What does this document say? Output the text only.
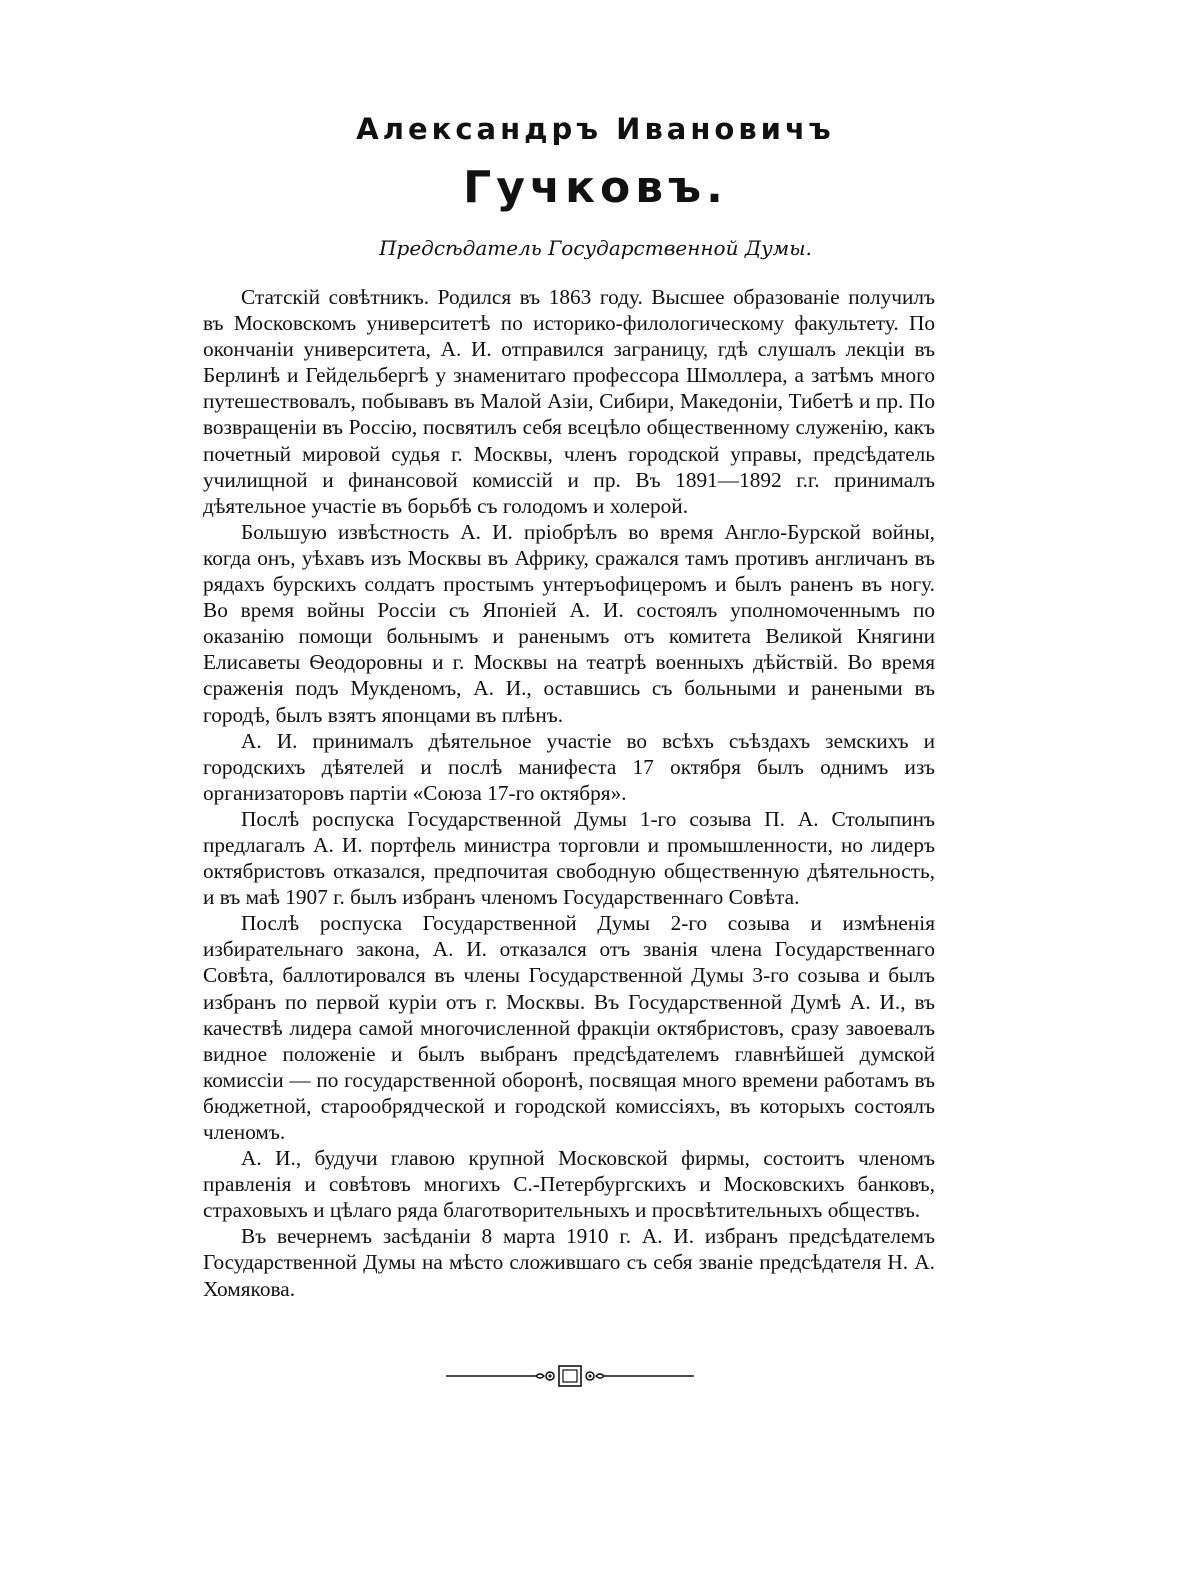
Александръ Ивановичъ
Гучковъ.
Предсѣдатель Государственной Думы.

Статскій совѣтникъ. Родился въ 1863 году. Высшее образованіе получилъ въ Московскомъ университетѣ по историко-филологическому факультету. По окончаніи университета, А. И. отправился заграницу, гдѣ слушалъ лекціи въ Берлинѣ и Гейдельбергѣ у знаменитаго профессора Шмоллера, а затѣмъ много путешествовалъ, побывавъ въ Малой Азіи, Сибири, Македоніи, Тибетѣ и пр. По возвращеніи въ Россію, посвятилъ себя всецѣло общественному служенію, какъ почетный мировой судья г. Москвы, членъ городской управы, предсѣдатель училищной и финансовой комиссій и пр. Въ 1891—1892 г.г. принималъ дѣятельное участіе въ борьбѣ съ голодомъ и холерой.

Большую извѣстность А. И. пріобрѣлъ во время Англо-Бурской войны, когда онъ, уѣхавъ изъ Москвы въ Африку, сражался тамъ противъ англичанъ въ рядахъ бурскихъ солдатъ простымъ унтеръофицеромъ и былъ раненъ въ ногу. Во время войны Россіи съ Японіей А. И. состоялъ уполномоченнымъ по оказанію помощи больнымъ и раненымъ отъ комитета Великой Княгини Елисаветы Ѳеодоровны и г. Москвы на театрѣ военныхъ дѣйствій. Во время сраженія подъ Мукденомъ, А. И., оставшись съ больными и ранеными въ городѣ, былъ взятъ японцами въ плѣнъ.

А. И. принималъ дѣятельное участіе во всѣхъ съѣздахъ земскихъ и городскихъ дѣятелей и послѣ манифеста 17 октября былъ однимъ изъ организаторовъ партіи «Союза 17-го октября».

Послѣ роспуска Государственной Думы 1-го созыва П. А. Столыпинъ предлагалъ А. И. портфель министра торговли и промышленности, но лидеръ октябристовъ отказался, предпочитая свободную общественную дѣятельность, и въ маѣ 1907 г. былъ избранъ членомъ Государственнаго Совѣта.

Послѣ роспуска Государственной Думы 2-го созыва и измѣненія избирательнаго закона, А. И. отказался отъ званія члена Государственнаго Совѣта, баллотировался въ члены Государственной Думы 3-го созыва и былъ избранъ по первой куріи отъ г. Москвы. Въ Государственной Думѣ А. И., въ качествѣ лидера самой многочисленной фракціи октябристовъ, сразу завоевалъ видное положеніе и былъ выбранъ предсѣдателемъ главнѣйшей думской комиссіи — по государственной оборонѣ, посвящая много времени работамъ въ бюджетной, старообрядческой и городской комиссіяхъ, въ которыхъ состоялъ членомъ.

А. И., будучи главою крупной Московской фирмы, состоитъ членомъ правленія и совѣтовъ многихъ С.-Петербургскихъ и Московскихъ банковъ, страховыхъ и цѣлаго ряда благотворительныхъ и просвѣтительныхъ обществъ.

Въ вечернемъ засѣданіи 8 марта 1910 г. А. И. избранъ предсѣдателемъ Государственной Думы на мѣсто сложившаго съ себя званіе предсѣдателя Н. А. Хомякова.
